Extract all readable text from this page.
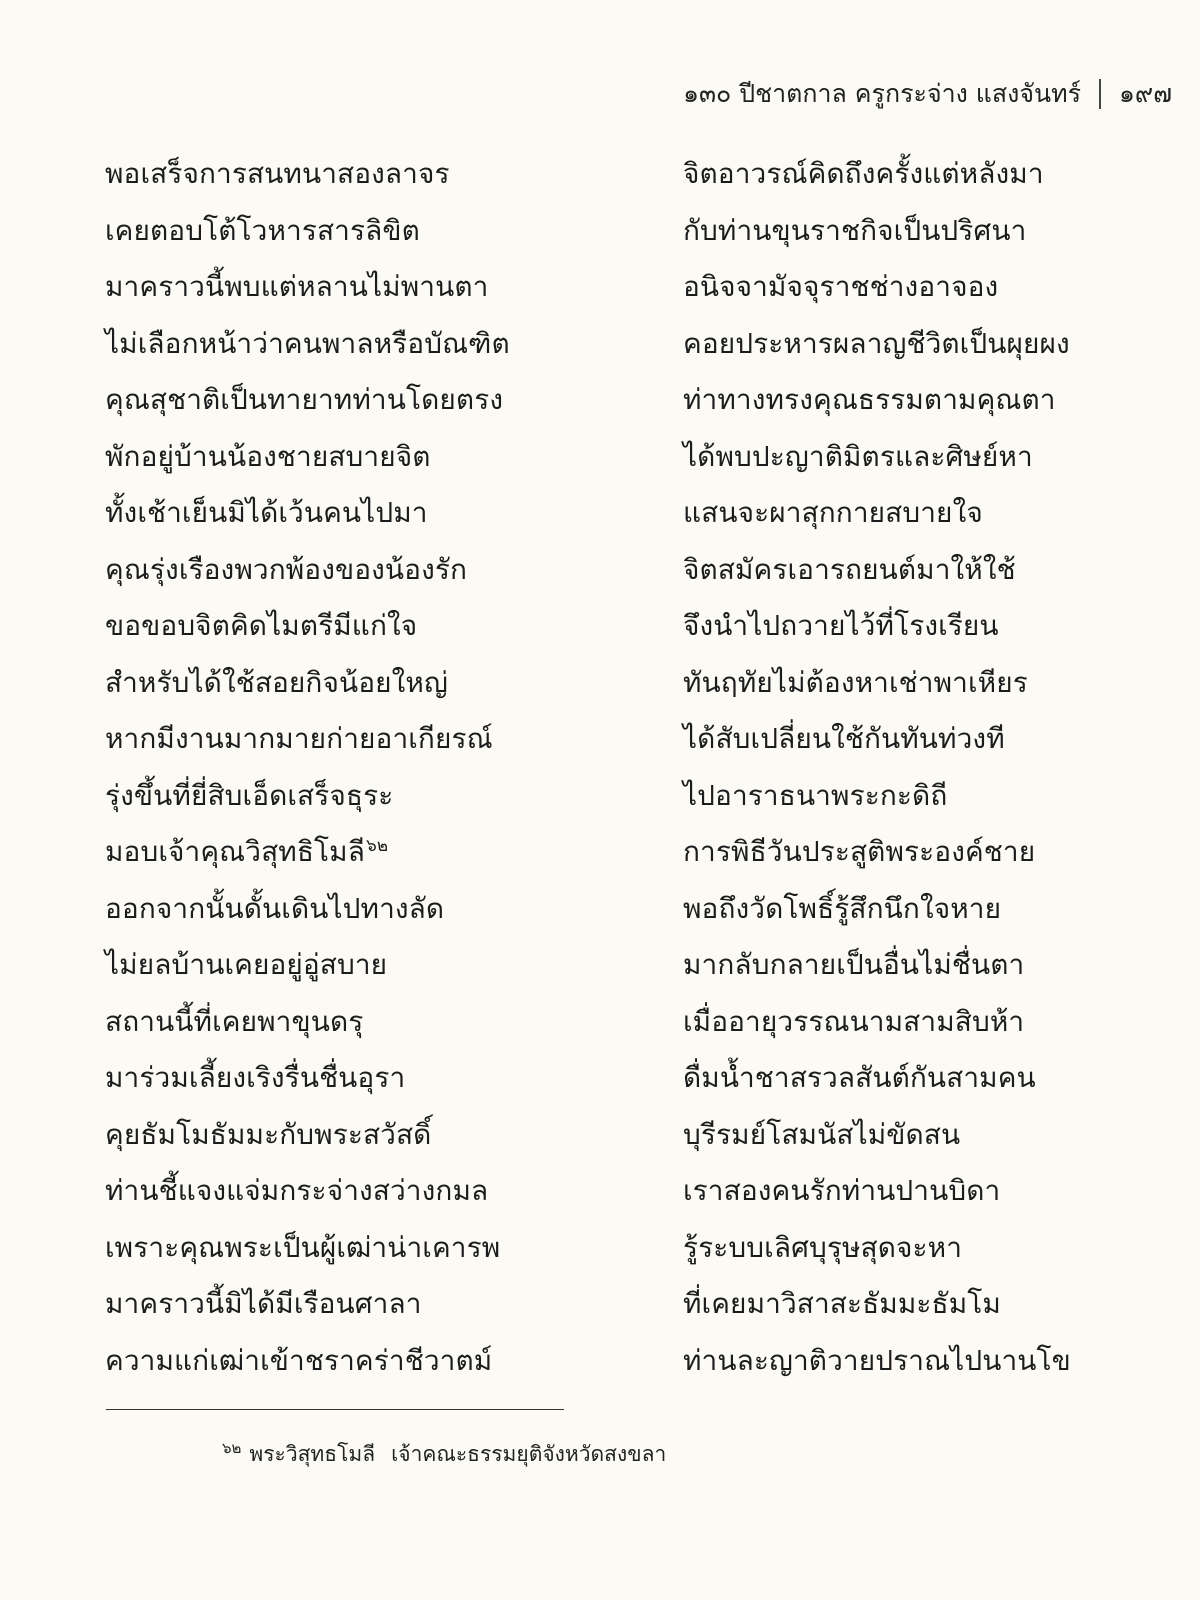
๑๓๐ ปีชาตกาล ครูกระจ่าง แสงจันทร์ ๑๙๗
พอเสร็จการสนทนาสองลาจร
เคยตอบโต้โวหารสารลิขิต
มาคราวนี้พบแต่หลานไม่พานตา
ไม่เลือกหน้าว่าคนพาลหรือบัณฑิต
คุณสุชาติเป็นทายาทท่านโดยตรง
พักอยู่บ้านน้องชายสบายจิต
ทั้งเช้าเย็นมิได้เว้นคนไปมา
คุณรุ่งเรืองพวกพ้องของน้องรัก
ขอขอบจิตคิดไมตรีมีแก่ใจ
สำหรับได้ใช้สอยกิจน้อยใหญ่
หากมีงานมากมายก่ายอาเกียรณ์
รุ่งขึ้นที่ยี่สิบเอ็ดเสร็จธุระ
มอบเจ้าคุณวิสุทธิโมลี$^{๖๒}$
ออกจากนั้นดั้นเดินไปทางลัด
ไม่ยลบ้านเคยอยู่อู่สบาย
สถานนี้ที่เคยพาขุนดรุ
มาร่วมเลี้ยงเริงรื่นชื่นอุรา
คุยธัมโมธัมมะกับพระสวัสดิ์
ท่านชี้แจงแจ่มกระจ่างสว่างกมล
เพราะคุณพระเป็นผู้เฒ่าน่าเคารพ
มาคราวนี้มิได้มีเรือนศาลา
ความแก่เฒ่าเข้าชราคร่าชีวาตม์
จิตอาวรณ์คิดถึงครั้งแต่หลังมา
กับท่านขุนราชกิจเป็นปริศนา
อนิจจามัจจุราชช่างอาจอง
คอยประหารผลาญชีวิตเป็นผุยผง
ท่าทางทรงคุณธรรมตามคุณตา
ได้พบปะญาติมิตรและศิษย์หา
แสนจะผาสุกกายสบายใจ
จิตสมัครเอารถยนต์มาให้ใช้
จึงนำไปถวายไว้ที่โรงเรียน
ทันฤทัยไม่ต้องหาเช่าพาเหียร
ได้สับเปลี่ยนใช้กันทันท่วงที
ไปอาราธนาพระกะดิถี
การพิธีวันประสูติพระองค์ชาย
พอถึงวัดโพธิ์รู้สึกนึกใจหาย
มากลับกลายเป็นอื่นไม่ชื่นตา
เมื่ออายุวรรณนามสามสิบห้า
ดื่มน้ำชาสรวลสันต์กันสามคน
บุรีรมย์โสมนัสไม่ขัดสน
เราสองคนรักท่านปานบิดา
รู้ระบบเลิศบุรุษสุดจะหา
ที่เคยมาวิสาสะธัมมะธัมโม
ท่านละญาติวายปราณไปนานโข
$^{๖๒}$ พระวิสุทธโมลี เจ้าคณะธรรมยุติจังหวัดสงขลา
